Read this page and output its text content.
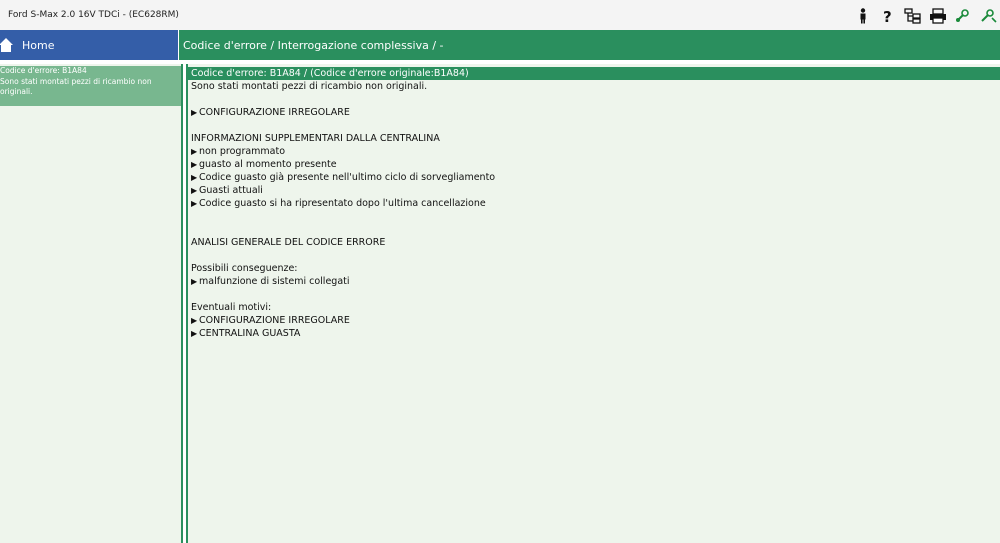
Ford S-Max 2.0 16V TDCi - (EC628RM)	?
Home	Codice d'errore / Interrogazione complessiva / -
Codice d'errore: B1A84
Sono stati montati pezzi di ricambio non originali.
Codice d'errore: B1A84 / (Codice d'errore originale:B1A84)
Sono stati montati pezzi di ricambio non originali.
▶ CONFIGURAZIONE IRREGOLARE
INFORMAZIONI SUPPLEMENTARI DALLA CENTRALINA
▶ non programmato
▶ guasto al momento presente
▶ Codice guasto già presente nell'ultimo ciclo di sorvegliamento
▶ Guasti attuali
▶ Codice guasto si ha ripresentato dopo l'ultima cancellazione
ANALISI GENERALE DEL CODICE ERRORE
Possibili conseguenze:
▶ malfunzione di sistemi collegati
Eventuali motivi:
▶ CONFIGURAZIONE IRREGOLARE
▶ CENTRALINA GUASTA
